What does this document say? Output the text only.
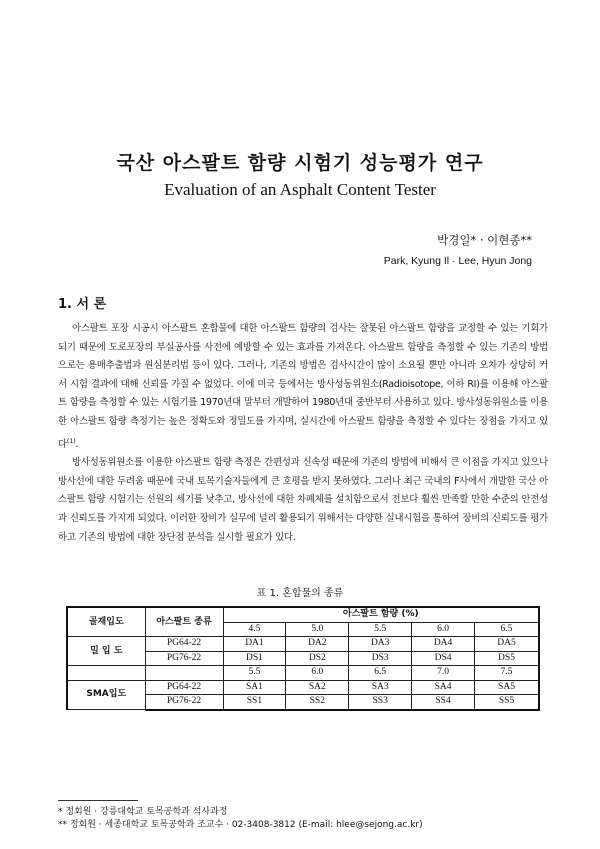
국산 아스팔트 함량 시험기 성능평가 연구
Evaluation of an Asphalt Content Tester
박경일* · 이현종**
Park, Kyung Il · Lee, Hyun Jong
1. 서 론

아스팔트 포장 시공시 아스팔트 혼합물에 대한 아스팔트 함량의 검사는 잘못된 아스팔트 함량을 교정할 수 있는 기회가 되기 때문에 도로포장의 부실공사를 사전에 예방할 수 있는 효과를 가져온다. 아스팔트 함량을 측정할 수 있는 기존의 방법으로는 용매추출법과 원심분리법 등이 있다. 그러나, 기존의 방법은 검사시간이 많이 소요될 뿐만 아니라 오차가 상당히 커서 시험 결과에 대해 신뢰를 가질 수 없었다. 이에 미국 등에서는 방사성동위원소(Radioisotope, 이하 RI)를 이용해 아스팔트 함량을 측정할 수 있는 시험기를 1970년대 말부터 개발하여 1980년대 중반부터 사용하고 있다. 방사성동위원소를 이용한 아스팔트 함량 측정기는 높은 정확도와 정밀도를 가지며, 실시간에 아스팔트 함량을 측정할 수 있다는 장점을 가지고 있다$^{(1)}$.

방사성동위원소를 이용한 아스팔트 함량 측정은 간편성과 신속성 때문에 기존의 방법에 비해서 큰 이점을 가지고 있으나 방사선에 대한 두려움 때문에 국내 토목기술자들에게 큰 호평을 받지 못하였다. 그러나 최근 국내의 F사에서 개발한 국산 아스팔트 함량 시험기는 선원의 세기를 낮추고, 방사선에 대한 차폐체를 설치함으로서 전보다 훨씬 만족할 만한 수준의 안전성과 신뢰도를 가지게 되었다. 이러한 장비가 실무에 널리 활용되기 위해서는 다양한 실내시험을 통하여 장비의 신뢰도를 평가하고 기존의 방법에 대한 장단점 분석을 실시할 필요가 있다.

표 1. 혼합물의 종류
골재입도	아스팔트 종류	아스팔트 함량 (%)				
		4.5	5.0	5.5	6.0	6.5
밀 입 도	PG64-22	DA1	DA2	DA3	DA4	DA5
	PG76-22	DS1	DS2	DS3	DS4	DS5
		5.5	6.0	6.5	7.0	7.5
SMA입도	PG64-22	SA1	SA2	SA3	SA4	SA5
	PG76-22	SS1	SS2	SS3	SS4	SS5
* 정회원 · 강릉대학교 토목공학과 석사과정
** 정회원 · 세종대학교 토목공학과 조교수 · 02-3408-3812 (E-mail: hlee@sejong.ac.kr)
